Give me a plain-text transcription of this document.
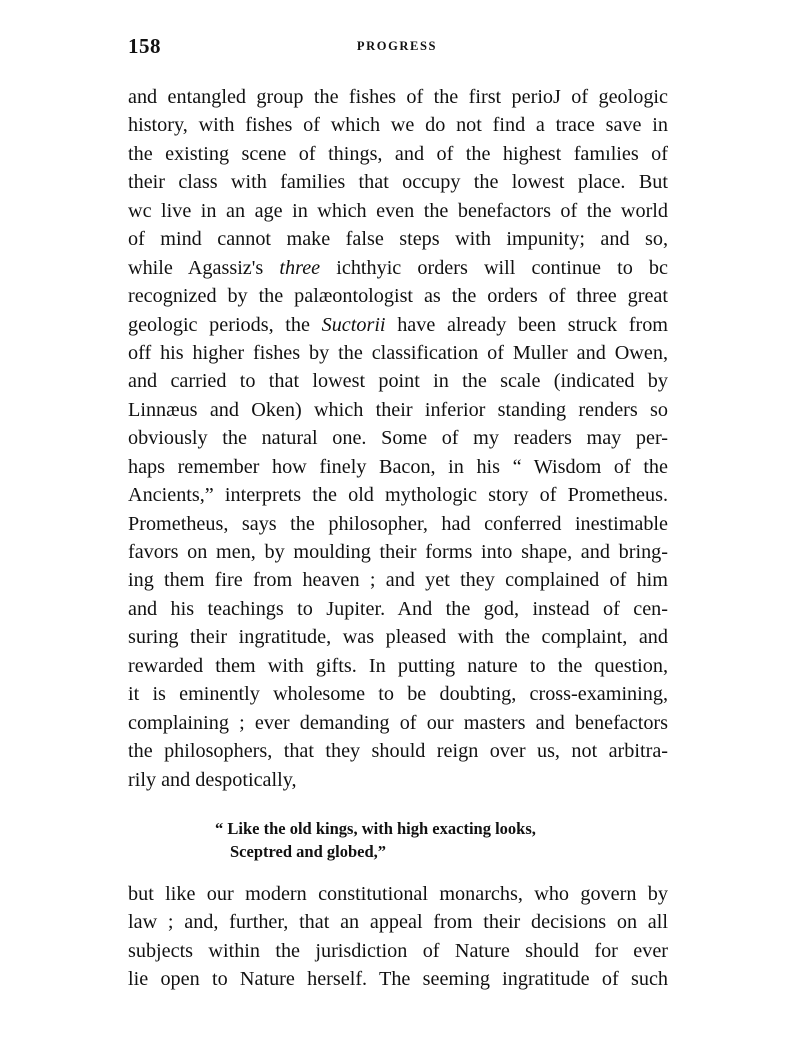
158	PROGRESS
and entangled group the fishes of the first perioJ of geologic
history, with fishes of which we do not find a trace save in
the existing scene of things, and of the highest famılies of
their class with families that occupy the lowest place. But
wc live in an age in which even the benefactors of the world
of mind cannot make false steps with impunity; and so,
while Agassiz's three ichthyic orders will continue to bc
recognized by the palæontologist as the orders of three great
geologic periods, the Suctorii have already been struck from
off his higher fishes by the classification of Muller and Owen,
and carried to that lowest point in the scale (indicated by
Linnæus and Oken) which their inferior standing renders so
obviously the natural one. Some of my readers may per-
haps remember how finely Bacon, in his “ Wisdom of the
Ancients,” interprets the old mythologic story of Prometheus.
Prometheus, says the philosopher, had conferred inestimable
favors on men, by moulding their forms into shape, and bring-
ing them fire from heaven ; and yet they complained of him
and his teachings to Jupiter. And the god, instead of cen-
suring their ingratitude, was pleased with the complaint, and
rewarded them with gifts. In putting nature to the question,
it is eminently wholesome to be doubting, cross-examining,
complaining ; ever demanding of our masters and benefactors
the philosophers, that they should reign over us, not arbitra-
rily and despotically,
“ Like the old kings, with high exacting looks,
Sceptred and globed,”
but like our modern constitutional monarchs, who govern by
law ; and, further, that an appeal from their decisions on all
subjects within the jurisdiction of Nature should for ever
lie open to Nature herself. The seeming ingratitude of such
